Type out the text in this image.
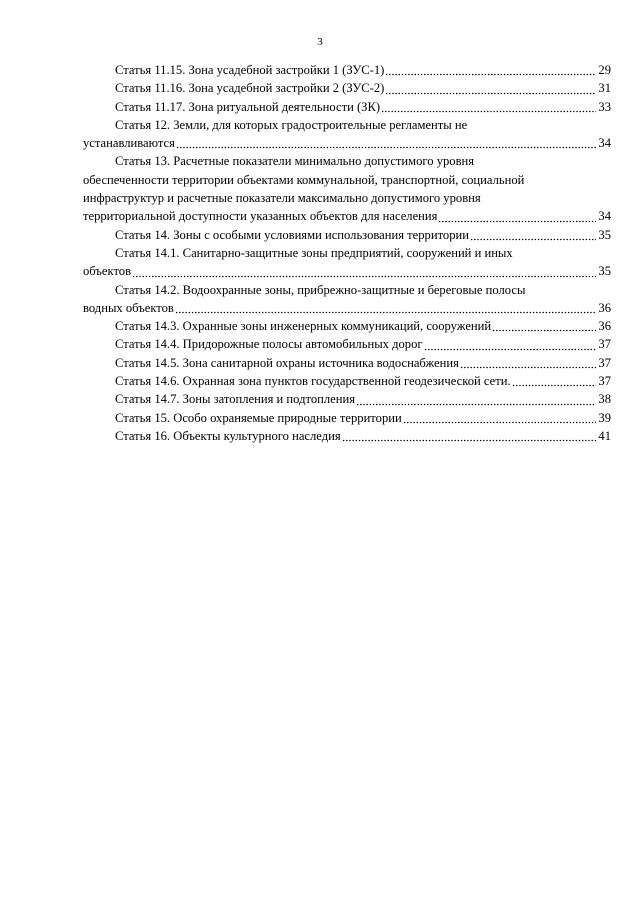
3
Статья 11.15. Зона усадебной застройки 1 (ЗУС-1)	29
Статья 11.16. Зона усадебной застройки 2 (ЗУС-2)	31
Статья 11.17. Зона ритуальной деятельности (ЗК)	33
Статья 12. Земли, для которых градостроительные регламенты не
устанавливаются	34
Статья 13. Расчетные показатели минимально допустимого уровня
обеспеченности территории объектами коммунальной, транспортной, социальной
инфраструктур и расчетные показатели максимально допустимого уровня
территориальной доступности указанных объектов для населения	34
Статья 14. Зоны с особыми условиями использования территории	35
Статья 14.1. Санитарно-защитные зоны предприятий, сооружений и иных
объектов	35
Статья 14.2. Водоохранные зоны, прибрежно-защитные и береговые полосы
водных объектов	36
Статья 14.3. Охранные зоны инженерных коммуникаций, сооружений	36
Статья 14.4. Придорожные полосы автомобильных дорог	37
Статья 14.5. Зона санитарной охраны источника водоснабжения	37
Статья 14.6. Охранная зона пунктов государственной геодезической сети.	37
Статья 14.7. Зоны затопления и подтопления	38
Статья 15. Особо охраняемые природные территории	39
Статья 16. Объекты культурного наследия	41
